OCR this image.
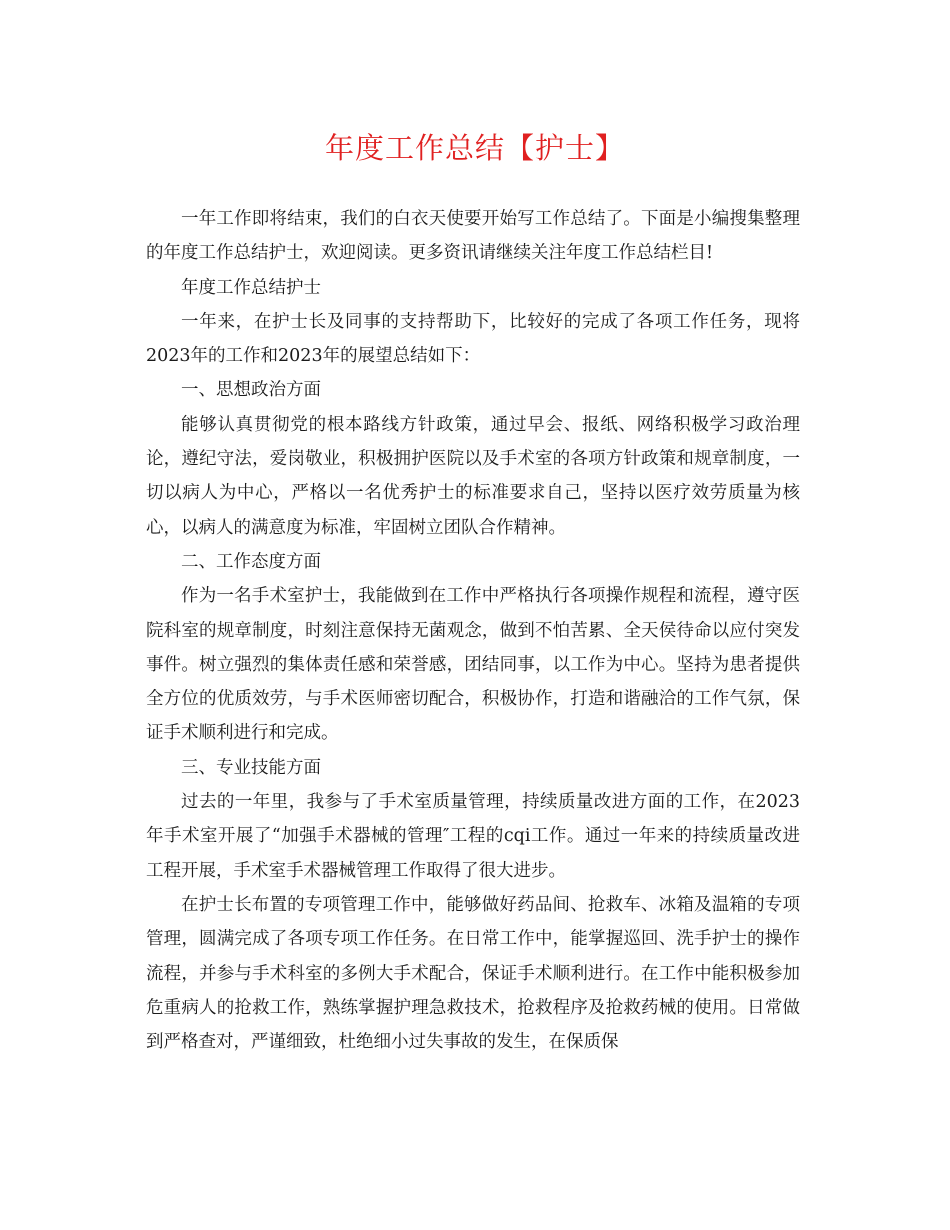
年度工作总结【护士】

一年工作即将结束，我们的白衣天使要开始写工作总结了。下面是小编搜集整理的年度工作总结护士，欢迎阅读。更多资讯请继续关注年度工作总结栏目!

年度工作总结护士

一年来，在护士长及同事的支持帮助下，比较好的完成了各项工作任务，现将2023年的工作和2023年的展望总结如下：

一、思想政治方面

能够认真贯彻党的根本路线方针政策，通过早会、报纸、网络积极学习政治理论，遵纪守法，爱岗敬业，积极拥护医院以及手术室的各项方针政策和规章制度，一切以病人为中心，严格以一名优秀护士的标准要求自己，坚持以医疗效劳质量为核心，以病人的满意度为标准，牢固树立团队合作精神。

二、工作态度方面

作为一名手术室护士，我能做到在工作中严格执行各项操作规程和流程，遵守医院科室的规章制度，时刻注意保持无菌观念，做到不怕苦累、全天侯待命以应付突发事件。树立强烈的集体责任感和荣誉感，团结同事，以工作为中心。坚持为患者提供全方位的优质效劳，与手术医师密切配合，积极协作，打造和谐融洽的工作气氛，保证手术顺利进行和完成。

三、专业技能方面

过去的一年里，我参与了手术室质量管理，持续质量改进方面的工作，在2023年手术室开展了“加强手术器械的管理″工程的cqi工作。通过一年来的持续质量改进工程开展，手术室手术器械管理工作取得了很大进步。

在护士长布置的专项管理工作中，能够做好药品间、抢救车、冰箱及温箱的专项管理，圆满完成了各项专项工作任务。在日常工作中，能掌握巡回、洗手护士的操作流程，并参与手术科室的多例大手术配合，保证手术顺利进行。在工作中能积极参加危重病人的抢救工作，熟练掌握护理急救技术，抢救程序及抢救药械的使用。日常做到严格查对，严谨细致，杜绝细小过失事故的发生，在保质保
